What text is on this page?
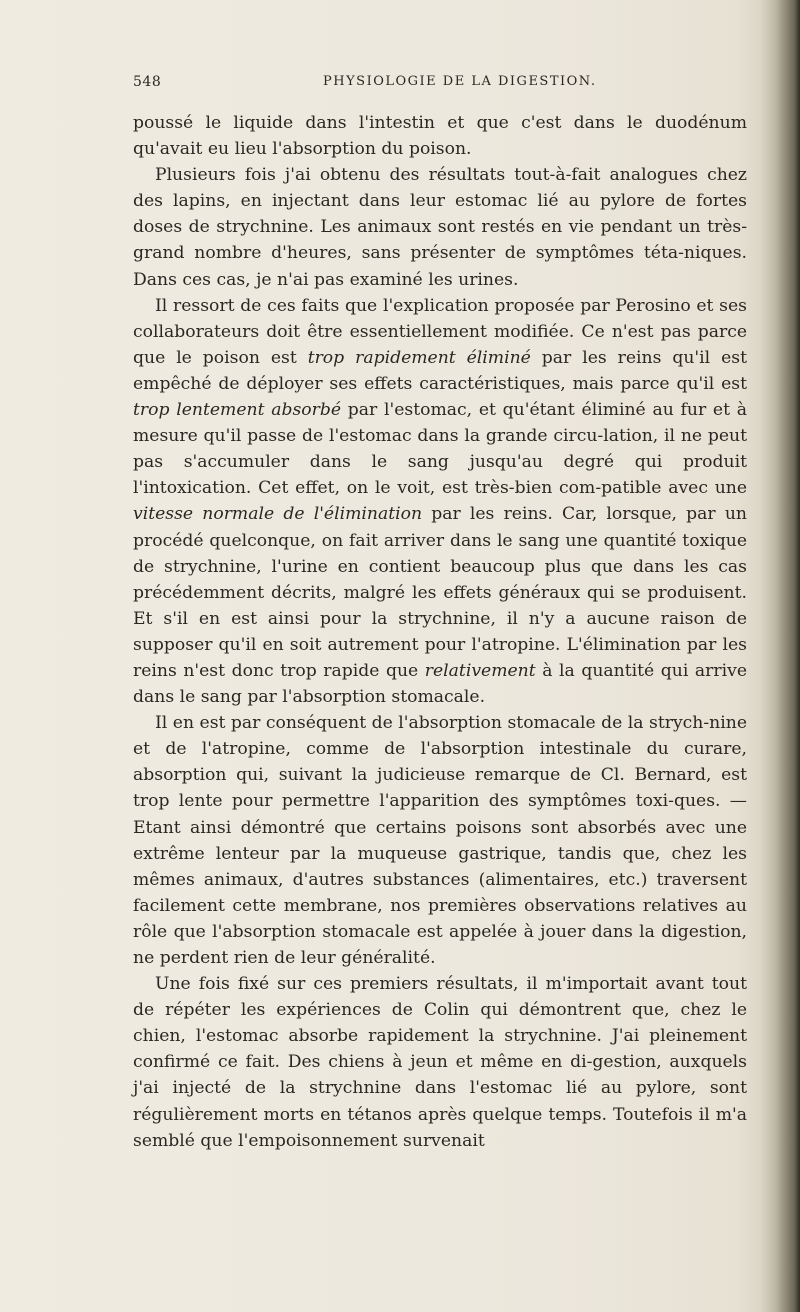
548	PHYSIOLOGIE DE LA DIGESTION.

poussé le liquide dans l'intestin et que c'est dans le duodénum qu'avait eu lieu l'absorption du poison.

Plusieurs fois j'ai obtenu des résultats tout-à-fait analogues chez des lapins, en injectant dans leur estomac lié au pylore de fortes doses de strychnine. Les animaux sont restés en vie pendant un très-grand nombre d'heures, sans présenter de symptômes téta-niques. Dans ces cas, je n'ai pas examiné les urines.

Il ressort de ces faits que l'explication proposée par Perosino et ses collaborateurs doit être essentiellement modifiée. Ce n'est pas parce que le poison est trop rapidement éliminé par les reins qu'il est empêché de déployer ses effets caractéristiques, mais parce qu'il est trop lentement absorbé par l'estomac, et qu'étant éliminé au fur et à mesure qu'il passe de l'estomac dans la grande circu-lation, il ne peut pas s'accumuler dans le sang jusqu'au degré qui produit l'intoxication. Cet effet, on le voit, est très-bien com-patible avec une vitesse normale de l'élimination par les reins. Car, lorsque, par un procédé quelconque, on fait arriver dans le sang une quantité toxique de strychnine, l'urine en contient beaucoup plus que dans les cas précédemment décrits, malgré les effets généraux qui se produisent. Et s'il en est ainsi pour la strychnine, il n'y a aucune raison de supposer qu'il en soit autrement pour l'atropine. L'élimination par les reins n'est donc trop rapide que relativement à la quantité qui arrive dans le sang par l'absorption stomacale.

Il en est par conséquent de l'absorption stomacale de la strych-nine et de l'atropine, comme de l'absorption intestinale du curare, absorption qui, suivant la judicieuse remarque de Cl. Bernard, est trop lente pour permettre l'apparition des symptômes toxi-ques. — Etant ainsi démontré que certains poisons sont absorbés avec une extrême lenteur par la muqueuse gastrique, tandis que, chez les mêmes animaux, d'autres substances (alimentaires, etc.) traversent facilement cette membrane, nos premières observations relatives au rôle que l'absorption stomacale est appelée à jouer dans la digestion, ne perdent rien de leur généralité.

Une fois fixé sur ces premiers résultats, il m'importait avant tout de répéter les expériences de Colin qui démontrent que, chez le chien, l'estomac absorbe rapidement la strychnine. J'ai pleinement confirmé ce fait. Des chiens à jeun et même en di-gestion, auxquels j'ai injecté de la strychnine dans l'estomac lié au pylore, sont régulièrement morts en tétanos après quelque temps. Toutefois il m'a semblé que l'empoisonnement survenait
